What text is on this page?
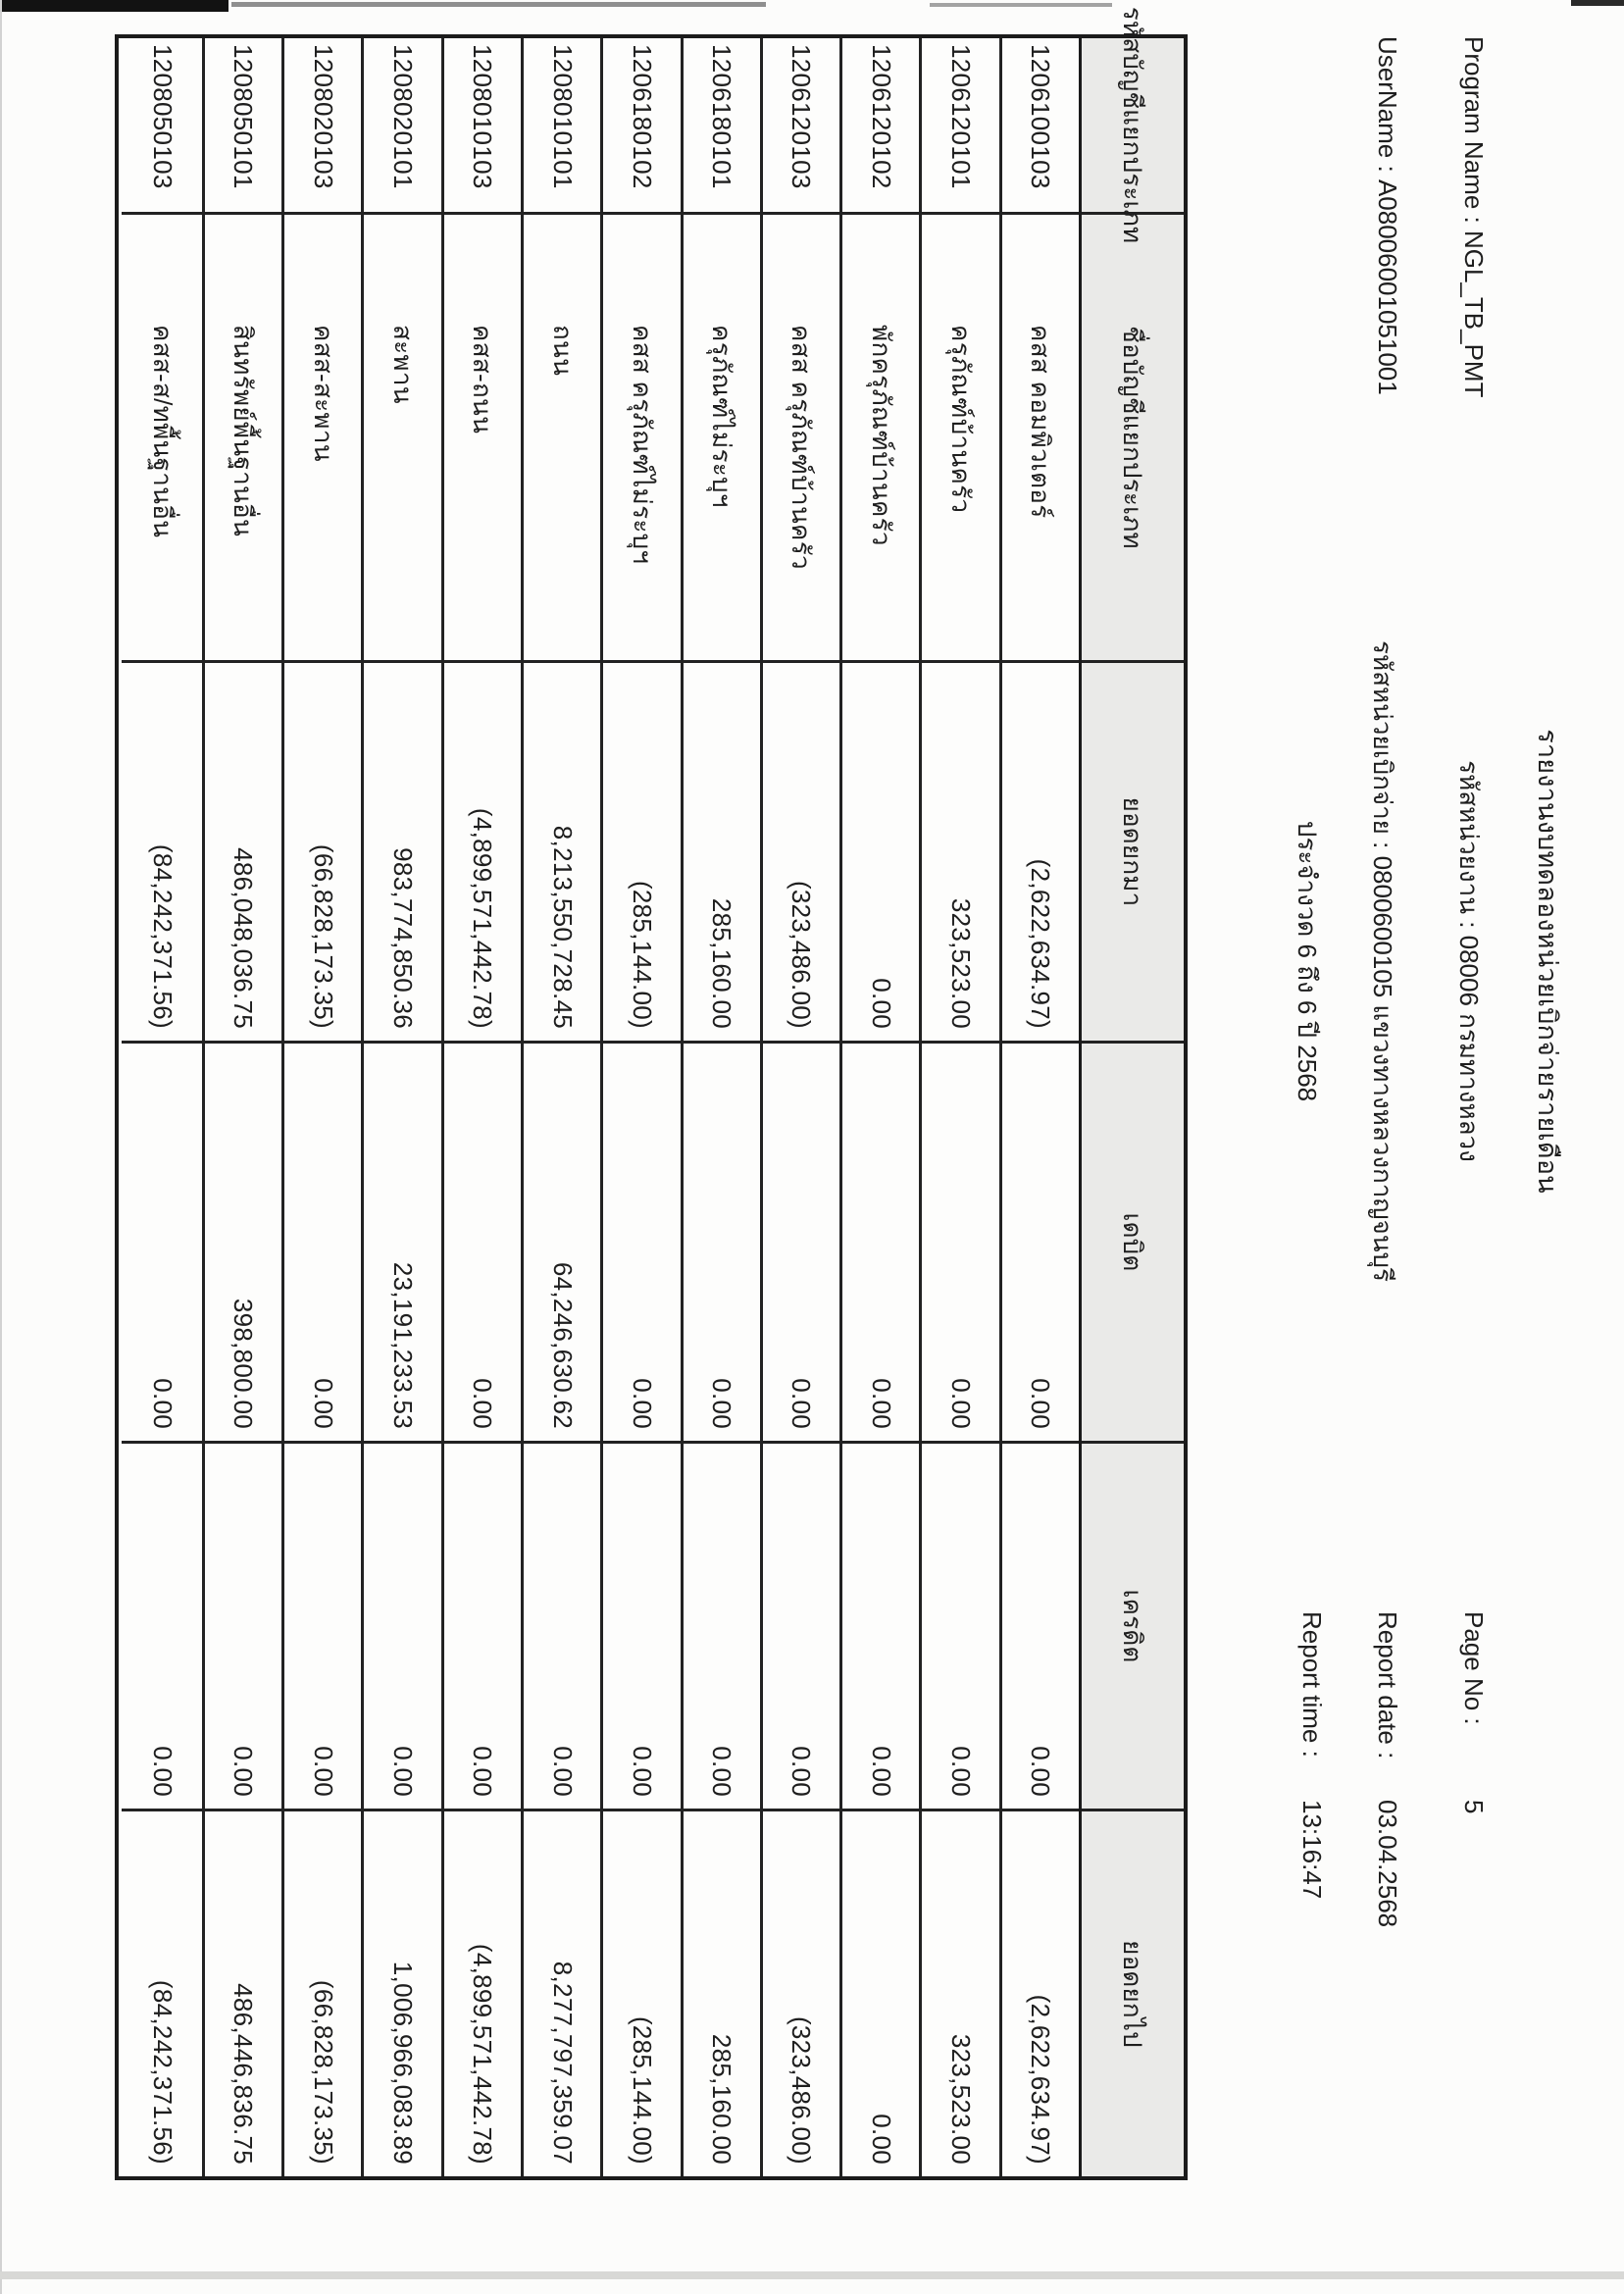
รายงานงบทดลองหน่วยเบิกจ่ายรายเดือน
Program Name : NGL_TB_PMT
รหัสหน่วยงาน : 08006 กรมทางหลวง
Page No :5
UserName : A08006001051001
รหัสหน่วยเบิกจ่าย : 0800600105 แขวงทางหลวงกาญจนบุรี
Report date :03.04.2568
ประจำงวด 6 ถึง 6 ปี 2568
Report time :13:16:47
รหัสบัญชีแยกประเภท
ชื่อบัญชีแยกประเภท
ยอดยกมา
เดบิต
เครดิต
ยอดยกไป
1206100103
คสส คอมพิวเตอร์
(2,622,634.97)
0.00
0.00
(2,622,634.97)
1206120101
ครุภัณฑ์บ้านครัว
323,523.00
0.00
0.00
323,523.00
1206120102
พักครุภัณฑ์บ้านครัว
0.00
0.00
0.00
0.00
1206120103
คสส ครุภัณฑ์บ้านครัว
(323,486.00)
0.00
0.00
(323,486.00)
1206180101
ครุภัณฑ์ไม่ระบุฯ
285,160.00
0.00
0.00
285,160.00
1206180102
คสส ครุภัณฑ์ไม่ระบุฯ
(285,144.00)
0.00
0.00
(285,144.00)
1208010101
ถนน
8,213,550,728.45
64,246,630.62
0.00
8,277,797,359.07
1208010103
คสส-ถนน
(4,899,571,442.78)
0.00
0.00
(4,899,571,442.78)
1208020101
สะพาน
983,774,850.36
23,191,233.53
0.00
1,006,966,083.89
1208020103
คสส-สะพาน
(66,828,173.35)
0.00
0.00
(66,828,173.35)
1208050101
สินทรัพย์พื้นฐานอื่น
486,048,036.75
398,800.00
0.00
486,446,836.75
1208050103
คสส-ส/ทพื้นฐานอื่น
(84,242,371.56)
0.00
0.00
(84,242,371.56)
